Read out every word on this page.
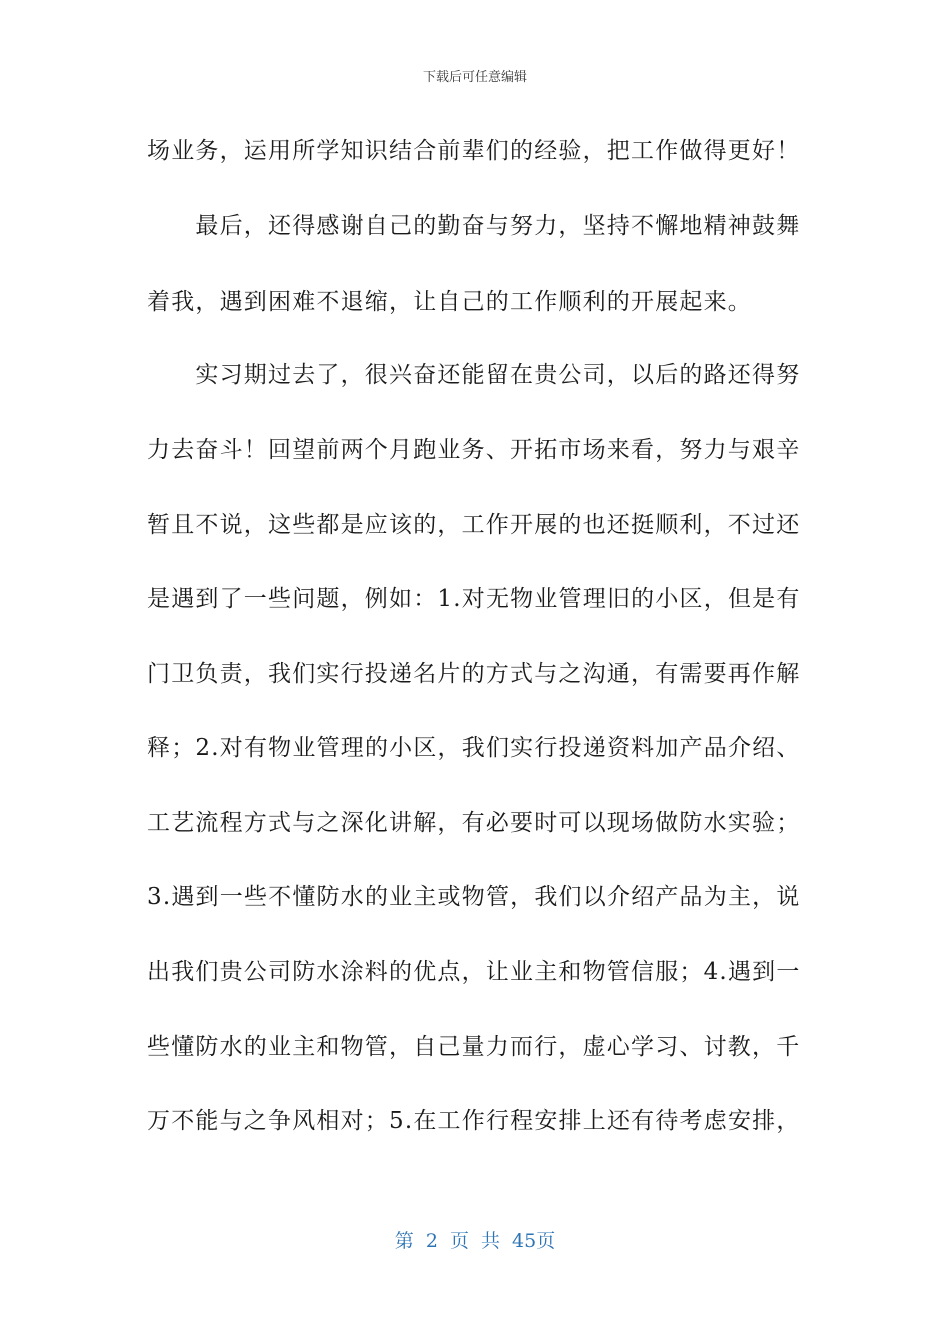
下载后可任意编辑
场业务，运用所学知识结合前辈们的经验，把工作做得更好！
　　最后，还得感谢自己的勤奋与努力，坚持不懈地精神鼓舞
着我，遇到困难不退缩，让自己的工作顺利的开展起来。
　　实习期过去了，很兴奋还能留在贵公司，以后的路还得努
力去奋斗！回望前两个月跑业务、开拓市场来看，努力与艰辛
暂且不说，这些都是应该的，工作开展的也还挺顺利，不过还
是遇到了一些问题，例如：1.对无物业管理旧的小区，但是有
门卫负责，我们实行投递名片的方式与之沟通，有需要再作解
释；2.对有物业管理的小区，我们实行投递资料加产品介绍、
工艺流程方式与之深化讲解，有必要时可以现场做防水实验；
3.遇到一些不懂防水的业主或物管，我们以介绍产品为主，说
出我们贵公司防水涂料的优点，让业主和物管信服；4.遇到一
些懂防水的业主和物管，自己量力而行，虚心学习、讨教，千
万不能与之争风相对；5.在工作行程安排上还有待考虑安排，
第 2 页 共 45页
